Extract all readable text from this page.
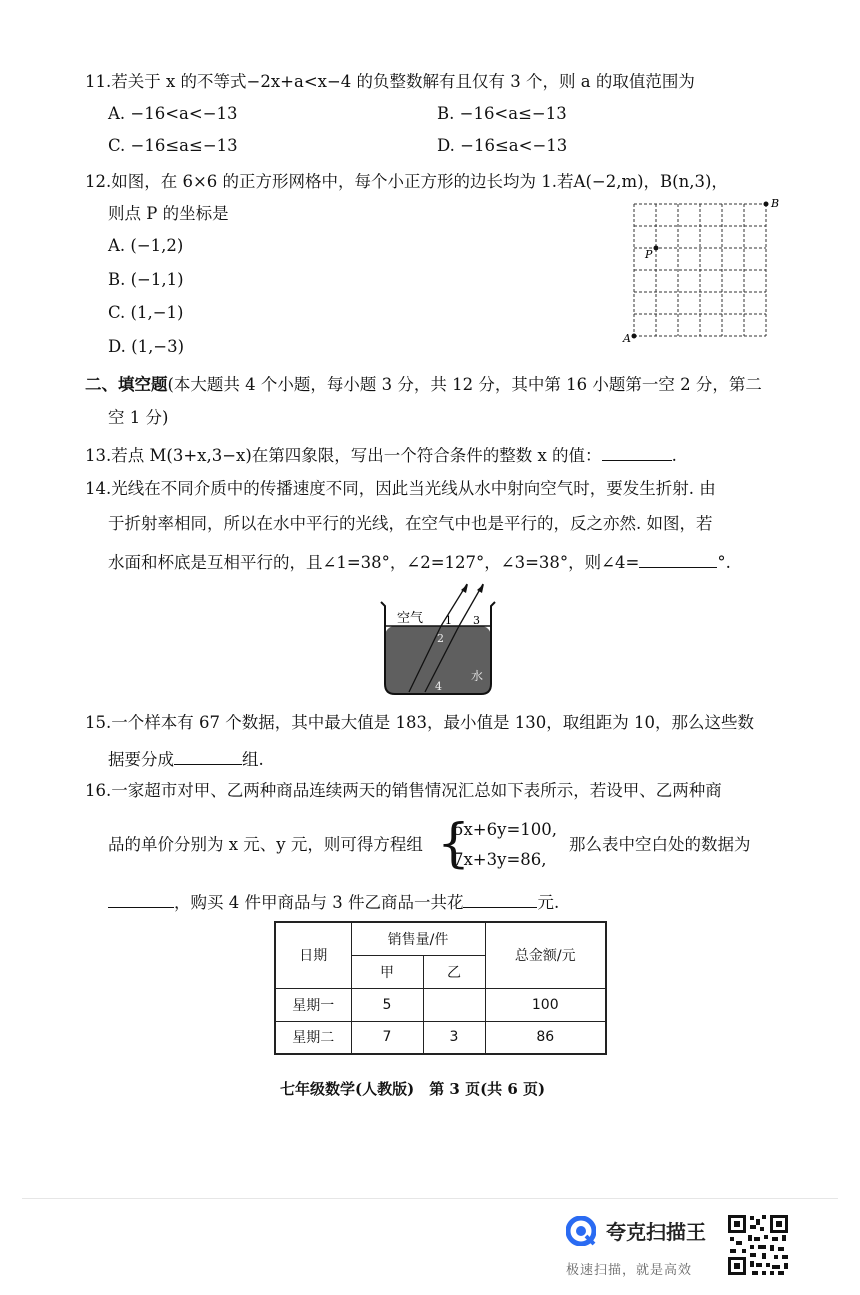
11.若关于 x 的不等式−2x+a<x−4 的负整数解有且仅有 3 个，则 a 的取值范围为
A. −16<a<−13	B. −16<a≤−13
C. −16≤a≤−13	D. −16≤a<−13
12.如图，在 6×6 的正方形网格中，每个小正方形的边长均为 1.若A(−2,m)，B(n,3)，
则点 P 的坐标是
A. (−1,2)
B. (−1,1)
C. (1,−1)
D. (1,−3)	A
B
P
二、填空题(本大题共 4 个小题，每小题 3 分，共 12 分，其中第 16 小题第一空 2 分，第二
空 1 分)
13.若点 M(3+x,3−x)在第四象限，写出一个符合条件的整数 x 的值：	.
14.光线在不同介质中的传播速度不同，因此当光线从水中射向空气时，要发生折射. 由
于折射率相同，所以在水中平行的光线，在空气中也是平行的，反之亦然. 如图，若
水面和杯底是互相平行的，且∠1=38°，∠2=127°，∠3=38°，则∠4=	°.
空气
水
1
2
3
4
15.一个样本有 67 个数据，其中最大值是 183，最小值是 130，取组距为 10，那么这些数
据要分成	组.
16.一家超市对甲、乙两种商品连续两天的销售情况汇总如下表所示，若设甲、乙两种商
品的单价分别为 x 元、y 元，则可得方程组 {
5x+6y=100,
7x+3y=86,
那么表中空白处的数据为
，购买 4 件甲商品与 3 件乙商品一共花	元.
日期	销售量/件		总金额/元
	甲	乙	
星期一	5		100
星期二	7	3	86
七年级数学(人教版)　第 3 页(共 6 页)
夸克扫描王
极速扫描，就是高效
